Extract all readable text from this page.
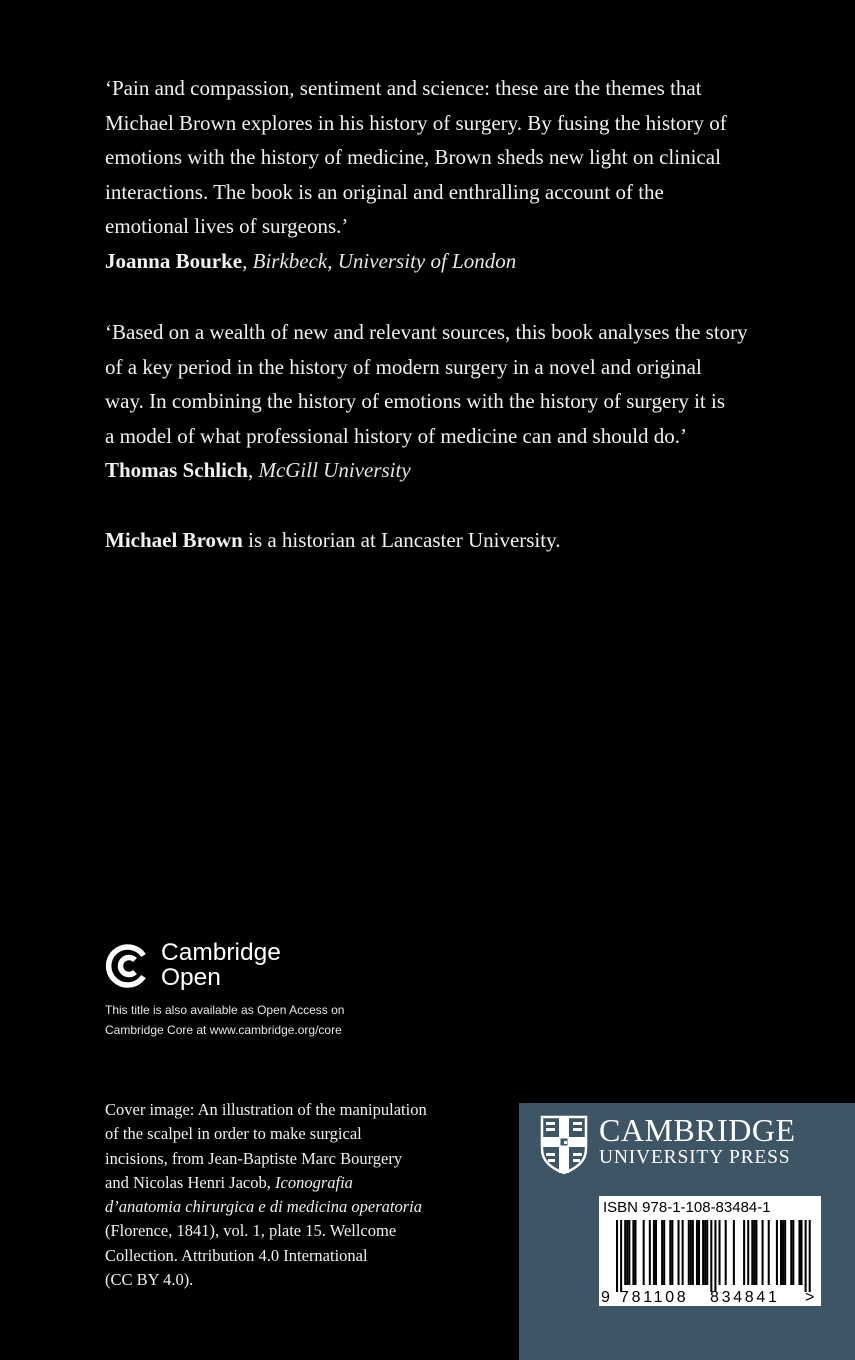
‘Pain and compassion, sentiment and science: these are the themes that

Michael Brown explores in his history of surgery. By fusing the history of

emotions with the history of medicine, Brown sheds new light on clinical

interactions. The book is an original and enthralling account of the

emotional lives of surgeons.’

Joanna Bourke, Birkbeck, University of London

‘Based on a wealth of new and relevant sources, this book analyses the story

of a key period in the history of modern surgery in a novel and original

way. In combining the history of emotions with the history of surgery it is

a model of what professional history of medicine can and should do.’

Thomas Schlich, McGill University

Michael Brown is a historian at Lancaster University.
Cambridge
Open
This title is also available as Open Access on
Cambridge Core at www.cambridge.org/core
Cover image: An illustration of the manipulation
of the scalpel in order to make surgical
incisions, from Jean-Baptiste Marc Bourgery
and Nicolas Henri Jacob, Iconografia
d’anatomia chirurgica e di medicina operatoria
(Florence, 1841), vol. 1, plate 15. Wellcome
Collection. Attribution 4.0 International
(CC BY 4.0).
CAMBRIDGE
UNIVERSITY PRESS
ISBN 978-1-108-83484-1
9 781108 834841 >
